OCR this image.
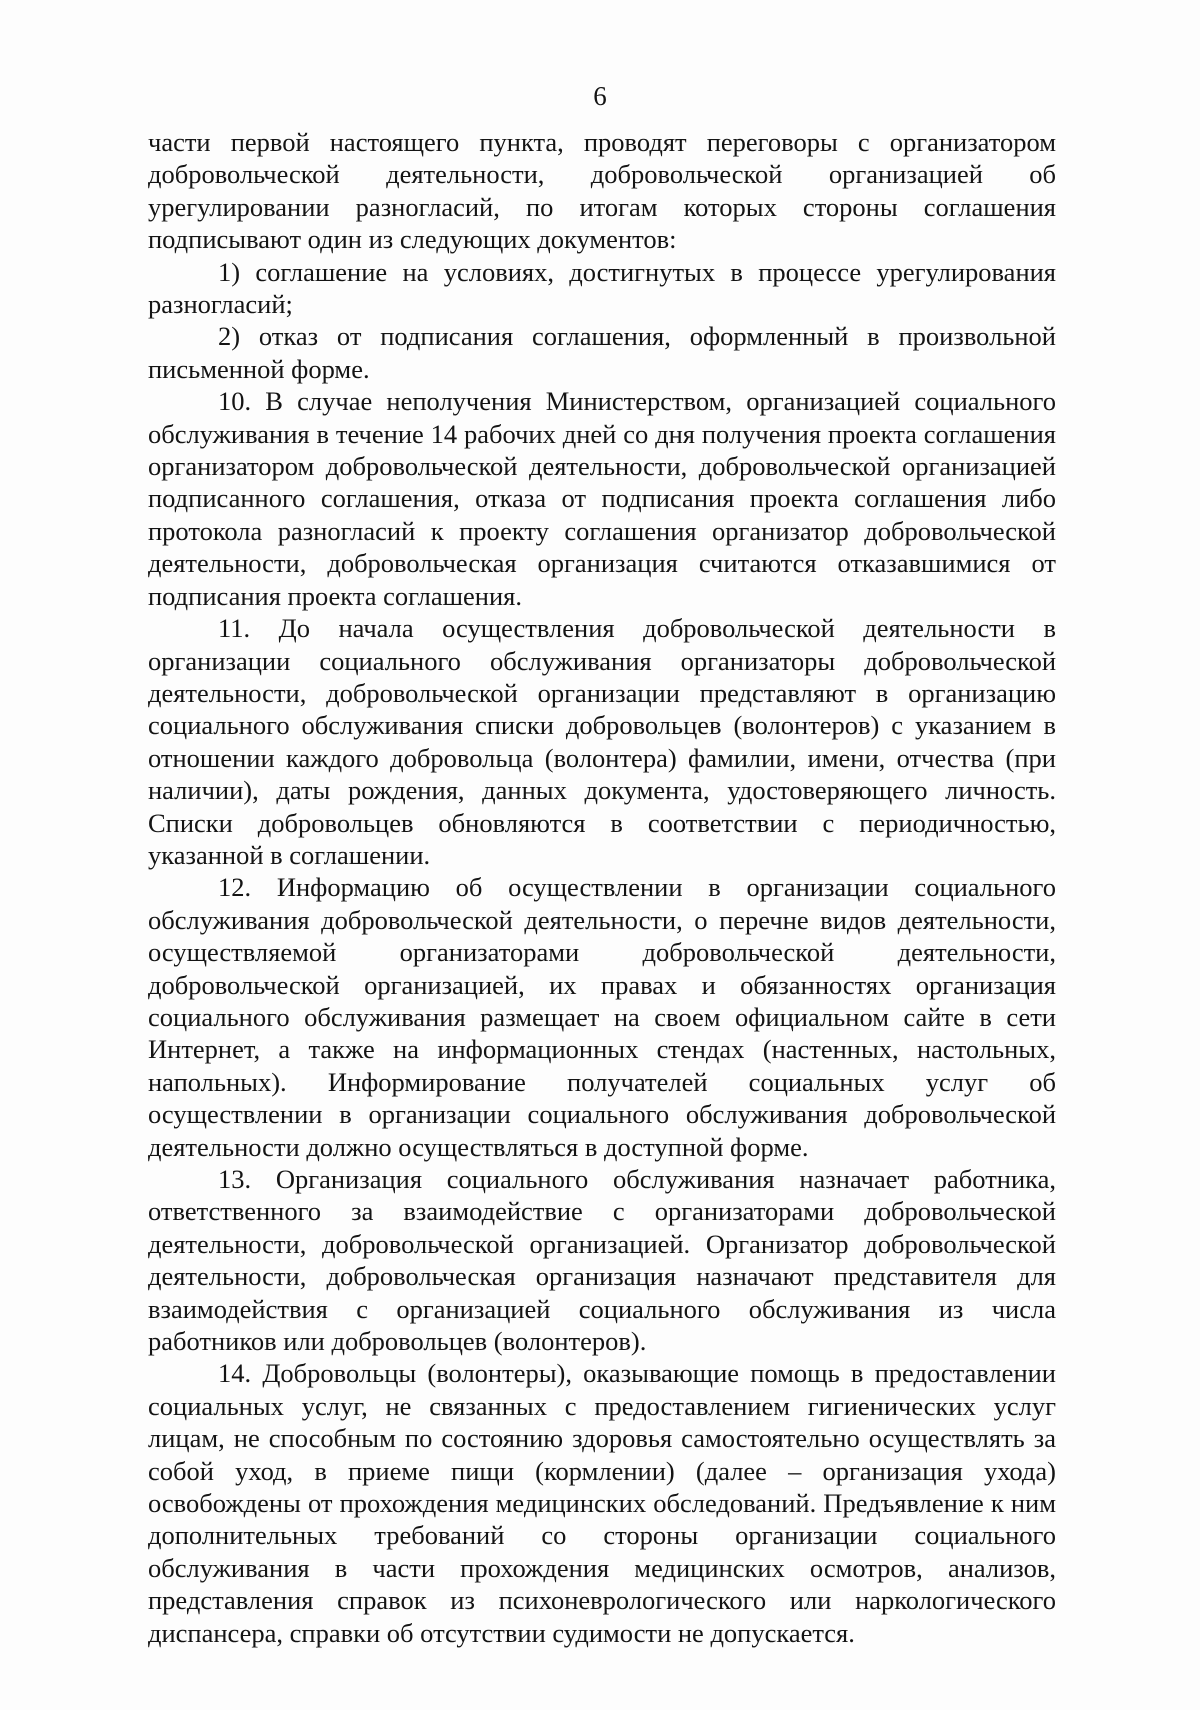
6

части первой настоящего пункта, проводят переговоры с организатором добровольческой деятельности, добровольческой организацией об урегулировании разногласий, по итогам которых стороны соглашения подписывают один из следующих документов:

1) соглашение на условиях, достигнутых в процессе урегулирования разногласий;

2) отказ от подписания соглашения, оформленный в произвольной письменной форме.

10. В случае неполучения Министерством, организацией социального обслуживания в течение 14 рабочих дней со дня получения проекта соглашения организатором добровольческой деятельности, добровольческой организацией подписанного соглашения, отказа от подписания проекта соглашения либо протокола разногласий к проекту соглашения организатор добровольческой деятельности, добровольческая организация считаются отказавшимися от подписания проекта соглашения.

11. До начала осуществления добровольческой деятельности в организации социального обслуживания организаторы добровольческой деятельности, добровольческой организации представляют в организацию социального обслуживания списки добровольцев (волонтеров) с указанием в отношении каждого добровольца (волонтера) фамилии, имени, отчества (при наличии), даты рождения, данных документа, удостоверяющего личность. Списки добровольцев обновляются в соответствии с периодичностью, указанной в соглашении.

12. Информацию об осуществлении в организации социального обслуживания добровольческой деятельности, о перечне видов деятельности, осуществляемой организаторами добровольческой деятельности, добровольческой организацией, их правах и обязанностях организация социального обслуживания размещает на своем официальном сайте в сети Интернет, а также на информационных стендах (настенных, настольных, напольных). Информирование получателей социальных услуг об осуществлении в организации социального обслуживания добровольческой деятельности должно осуществляться в доступной форме.

13. Организация социального обслуживания назначает работника, ответственного за взаимодействие с организаторами добровольческой деятельности, добровольческой организацией. Организатор добровольческой деятельности, добровольческая организация назначают представителя для взаимодействия с организацией социального обслуживания из числа работников или добровольцев (волонтеров).

14. Добровольцы (волонтеры), оказывающие помощь в предоставлении социальных услуг, не связанных с предоставлением гигиенических услуг лицам, не способным по состоянию здоровья самостоятельно осуществлять за собой уход, в приеме пищи (кормлении) (далее – организация ухода) освобождены от прохождения медицинских обследований. Предъявление к ним дополнительных требований со стороны организации социального обслуживания в части прохождения медицинских осмотров, анализов, представления справок из психоневрологического или наркологического диспансера, справки об отсутствии судимости не допускается.
